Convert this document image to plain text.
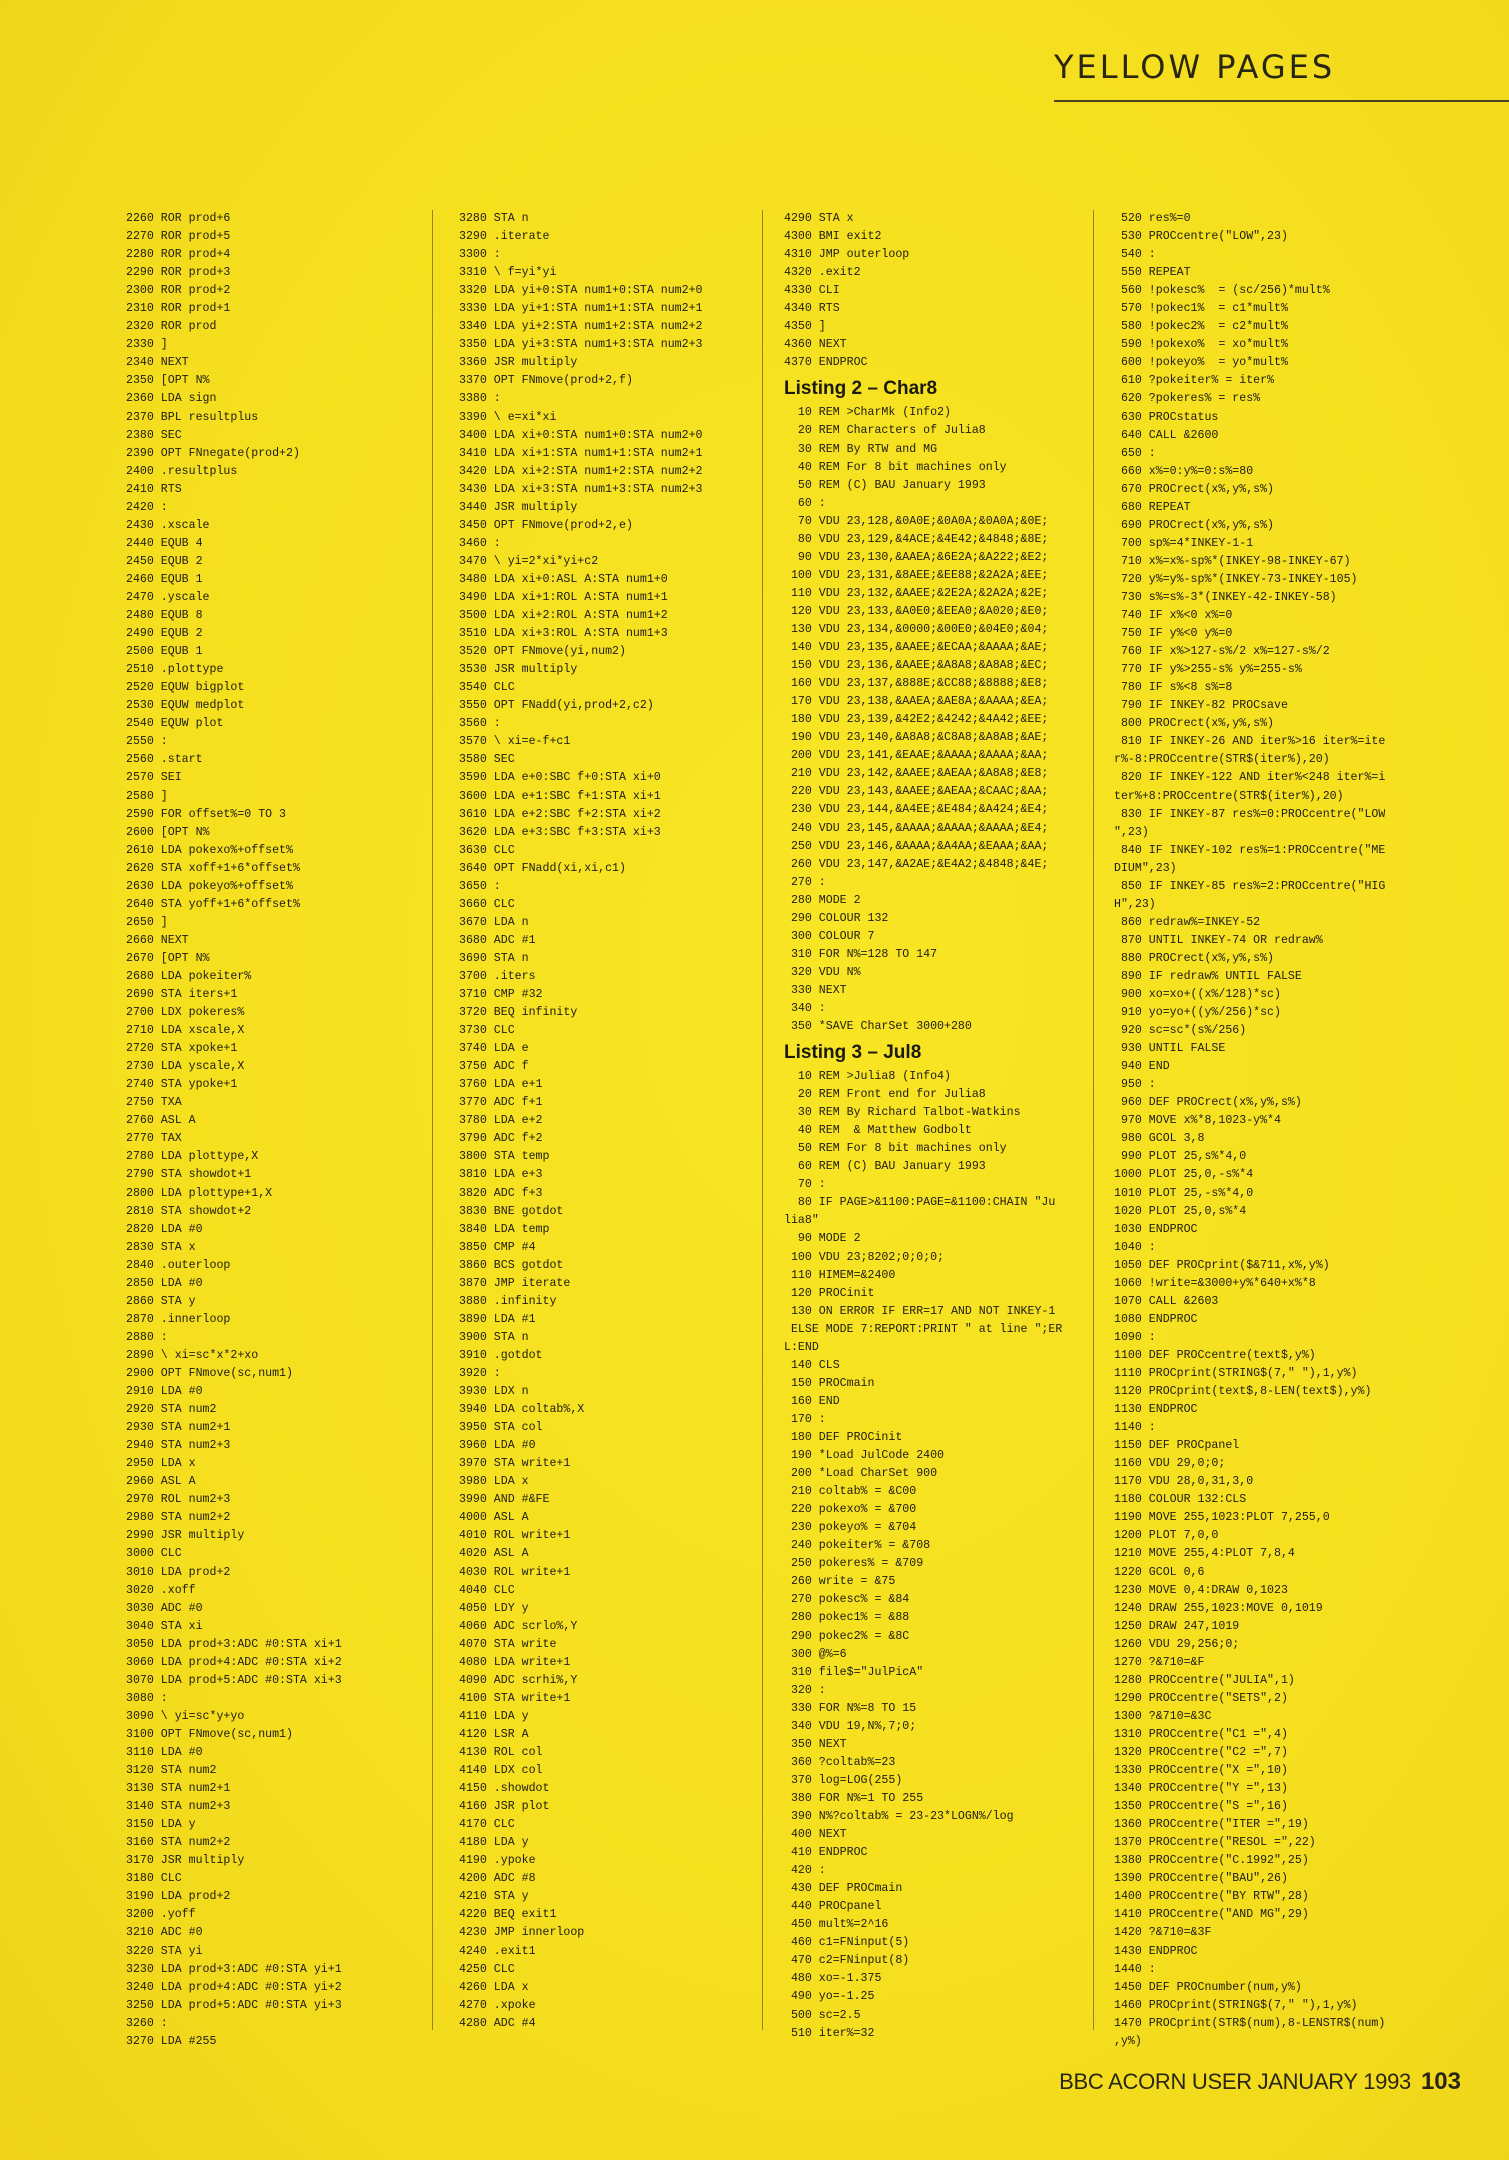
YELLOW PAGES
2260 ROR prod+6
2270 ROR prod+5
2280 ROR prod+4
2290 ROR prod+3
2300 ROR prod+2
2310 ROR prod+1
2320 ROR prod
2330 ]
2340 NEXT
2350 [OPT N%
2360 LDA sign
2370 BPL resultplus
2380 SEC
2390 OPT FNnegate(prod+2)
2400 .resultplus
2410 RTS
2420 :
2430 .xscale
2440 EQUB 4
2450 EQUB 2
2460 EQUB 1
2470 .yscale
2480 EQUB 8
2490 EQUB 2
2500 EQUB 1
2510 .plottype
2520 EQUW bigplot
2530 EQUW medplot
2540 EQUW plot
2550 :
2560 .start
2570 SEI
2580 ]
2590 FOR offset%=0 TO 3
2600 [OPT N%
2610 LDA pokexo%+offset%
2620 STA xoff+1+6*offset%
2630 LDA pokeyo%+offset%
2640 STA yoff+1+6*offset%
2650 ]
2660 NEXT
2670 [OPT N%
2680 LDA pokeiter%
2690 STA iters+1
2700 LDX pokeres%
2710 LDA xscale,X
2720 STA xpoke+1
2730 LDA yscale,X
2740 STA ypoke+1
2750 TXA
2760 ASL A
2770 TAX
2780 LDA plottype,X
2790 STA showdot+1
2800 LDA plottype+1,X
2810 STA showdot+2
2820 LDA #0
2830 STA x
2840 .outerloop
2850 LDA #0
2860 STA y
2870 .innerloop
2880 :
2890 \ xi=sc*x*2+xo
2900 OPT FNmove(sc,num1)
2910 LDA #0
2920 STA num2
2930 STA num2+1
2940 STA num2+3
2950 LDA x
2960 ASL A
2970 ROL num2+3
2980 STA num2+2
2990 JSR multiply
3000 CLC
3010 LDA prod+2
3020 .xoff
3030 ADC #0
3040 STA xi
3050 LDA prod+3:ADC #0:STA xi+1
3060 LDA prod+4:ADC #0:STA xi+2
3070 LDA prod+5:ADC #0:STA xi+3
3080 :
3090 \ yi=sc*y+yo
3100 OPT FNmove(sc,num1)
3110 LDA #0
3120 STA num2
3130 STA num2+1
3140 STA num2+3
3150 LDA y
3160 STA num2+2
3170 JSR multiply
3180 CLC
3190 LDA prod+2
3200 .yoff
3210 ADC #0
3220 STA yi
3230 LDA prod+3:ADC #0:STA yi+1
3240 LDA prod+4:ADC #0:STA yi+2
3250 LDA prod+5:ADC #0:STA yi+3
3260 :
3270 LDA #255
3280 STA n
3290 .iterate
3300 :
3310 \ f=yi*yi
3320 LDA yi+0:STA num1+0:STA num2+0
3330 LDA yi+1:STA num1+1:STA num2+1
3340 LDA yi+2:STA num1+2:STA num2+2
3350 LDA yi+3:STA num1+3:STA num2+3
3360 JSR multiply
3370 OPT FNmove(prod+2,f)
3380 :
3390 \ e=xi*xi
3400 LDA xi+0:STA num1+0:STA num2+0
3410 LDA xi+1:STA num1+1:STA num2+1
3420 LDA xi+2:STA num1+2:STA num2+2
3430 LDA xi+3:STA num1+3:STA num2+3
3440 JSR multiply
3450 OPT FNmove(prod+2,e)
3460 :
3470 \ yi=2*xi*yi+c2
3480 LDA xi+0:ASL A:STA num1+0
3490 LDA xi+1:ROL A:STA num1+1
3500 LDA xi+2:ROL A:STA num1+2
3510 LDA xi+3:ROL A:STA num1+3
3520 OPT FNmove(yi,num2)
3530 JSR multiply
3540 CLC
3550 OPT FNadd(yi,prod+2,c2)
3560 :
3570 \ xi=e-f+c1
3580 SEC
3590 LDA e+0:SBC f+0:STA xi+0
3600 LDA e+1:SBC f+1:STA xi+1
3610 LDA e+2:SBC f+2:STA xi+2
3620 LDA e+3:SBC f+3:STA xi+3
3630 CLC
3640 OPT FNadd(xi,xi,c1)
3650 :
3660 CLC
3670 LDA n
3680 ADC #1
3690 STA n
3700 .iters
3710 CMP #32
3720 BEQ infinity
3730 CLC
3740 LDA e
3750 ADC f
3760 LDA e+1
3770 ADC f+1
3780 LDA e+2
3790 ADC f+2
3800 STA temp
3810 LDA e+3
3820 ADC f+3
3830 BNE gotdot
3840 LDA temp
3850 CMP #4
3860 BCS gotdot
3870 JMP iterate
3880 .infinity
3890 LDA #1
3900 STA n
3910 .gotdot
3920 :
3930 LDX n
3940 LDA coltab%,X
3950 STA col
3960 LDA #0
3970 STA write+1
3980 LDA x
3990 AND #&FE
4000 ASL A
4010 ROL write+1
4020 ASL A
4030 ROL write+1
4040 CLC
4050 LDY y
4060 ADC scrlo%,Y
4070 STA write
4080 LDA write+1
4090 ADC scrhi%,Y
4100 STA write+1
4110 LDA y
4120 LSR A
4130 ROL col
4140 LDX col
4150 .showdot
4160 JSR plot
4170 CLC
4180 LDA y
4190 .ypoke
4200 ADC #8
4210 STA y
4220 BEQ exit1
4230 JMP innerloop
4240 .exit1
4250 CLC
4260 LDA x
4270 .xpoke
4280 ADC #4
4290 STA x
4300 BMI exit2
4310 JMP outerloop
4320 .exit2
4330 CLI
4340 RTS
4350 ]
4360 NEXT
4370 ENDPROC
Listing 2 – Char8
10 REM >CharMk (Info2)
20 REM Characters of Julia8
30 REM By RTW and MG
40 REM For 8 bit machines only
50 REM (C) BAU January 1993
60 :
70 VDU 23,128,&0A0E;&0A0A;&0A0A;&0E;
80 VDU 23,129,&4ACE;&4E42;&4848;&8E;
90 VDU 23,130,&AAEA;&6E2A;&A222;&E2;
100 VDU 23,131,&8AEE;&EE88;&2A2A;&EE;
110 VDU 23,132,&AAEE;&2E2A;&2A2A;&2E;
120 VDU 23,133,&A0E0;&EEA0;&A020;&E0;
130 VDU 23,134,&0000;&00E0;&04E0;&04;
140 VDU 23,135,&AAEE;&ECAA;&AAAA;&AE;
150 VDU 23,136,&AAEE;&A8A8;&A8A8;&EC;
160 VDU 23,137,&888E;&CC88;&8888;&E8;
170 VDU 23,138,&AAEA;&AE8A;&AAAA;&EA;
180 VDU 23,139,&42E2;&4242;&4A42;&EE;
190 VDU 23,140,&A8A8;&C8A8;&A8A8;&AE;
200 VDU 23,141,&EAAE;&AAAA;&AAAA;&AA;
210 VDU 23,142,&AAEE;&AEAA;&A8A8;&E8;
220 VDU 23,143,&AAEE;&AEAA;&CAAC;&AA;
230 VDU 23,144,&A4EE;&E484;&A424;&E4;
240 VDU 23,145,&AAAA;&AAAA;&AAAA;&E4;
250 VDU 23,146,&AAAA;&A4AA;&EAAA;&AA;
260 VDU 23,147,&A2AE;&E4A2;&4848;&4E;
270 :
280 MODE 2
290 COLOUR 132
300 COLOUR 7
310 FOR N%=128 TO 147
320 VDU N%
330 NEXT
340 :
350 *SAVE CharSet 3000+280
Listing 3 – Jul8
10 REM >Julia8 (Info4)
20 REM Front end for Julia8
30 REM By Richard Talbot-Watkins
40 REM  & Matthew Godbolt
50 REM For 8 bit machines only
60 REM (C) BAU January 1993
70 :
80 IF PAGE>&1100:PAGE=&1100:CHAIN "Ju
lia8"
90 MODE 2
100 VDU 23;8202;0;0;0;
110 HIMEM=&2400
120 PROCinit
130 ON ERROR IF ERR=17 AND NOT INKEY-1
ELSE MODE 7:REPORT:PRINT " at line ";ER
L:END
140 CLS
150 PROCmain
160 END
170 :
180 DEF PROCinit
190 *Load JulCode 2400
200 *Load CharSet 900
210 coltab% = &C00
220 pokexo% = &700
230 pokeyo% = &704
240 pokeiter% = &708
250 pokeres% = &709
260 write = &75
270 pokesc% = &84
280 pokec1% = &88
290 pokec2% = &8C
300 @%=6
310 file$="JulPicA"
320 :
330 FOR N%=8 TO 15
340 VDU 19,N%,7;0;
350 NEXT
360 ?coltab%=23
370 log=LOG(255)
380 FOR N%=1 TO 255
390 N%?coltab% = 23-23*LOGN%/log
400 NEXT
410 ENDPROC
420 :
430 DEF PROCmain
440 PROCpanel
450 mult%=2^16
460 c1=FNinput(5)
470 c2=FNinput(8)
480 xo=-1.375
490 yo=-1.25
500 sc=2.5
510 iter%=32
520 res%=0
530 PROCcentre("LOW",23)
540 :
550 REPEAT
560 !pokesc%  = (sc/256)*mult%
570 !pokec1%  = c1*mult%
580 !pokec2%  = c2*mult%
590 !pokexo%  = xo*mult%
600 !pokeyo%  = yo*mult%
610 ?pokeiter% = iter%
620 ?pokeres% = res%
630 PROCstatus
640 CALL &2600
650 :
660 x%=0:y%=0:s%=80
670 PROCrect(x%,y%,s%)
680 REPEAT
690 PROCrect(x%,y%,s%)
700 sp%=4*INKEY-1-1
710 x%=x%-sp%*(INKEY-98-INKEY-67)
720 y%=y%-sp%*(INKEY-73-INKEY-105)
730 s%=s%-3*(INKEY-42-INKEY-58)
740 IF x%<0 x%=0
750 IF y%<0 y%=0
760 IF x%>127-s%/2 x%=127-s%/2
770 IF y%>255-s% y%=255-s%
780 IF s%<8 s%=8
790 IF INKEY-82 PROCsave
800 PROCrect(x%,y%,s%)
810 IF INKEY-26 AND iter%>16 iter%=ite
r%-8:PROCcentre(STR$(iter%),20)
820 IF INKEY-122 AND iter%<248 iter%=i
ter%+8:PROCcentre(STR$(iter%),20)
830 IF INKEY-87 res%=0:PROCcentre("LOW
",23)
840 IF INKEY-102 res%=1:PROCcentre("ME
DIUM",23)
850 IF INKEY-85 res%=2:PROCcentre("HIG
H",23)
860 redraw%=INKEY-52
870 UNTIL INKEY-74 OR redraw%
880 PROCrect(x%,y%,s%)
890 IF redraw% UNTIL FALSE
900 xo=xo+((x%/128)*sc)
910 yo=yo+((y%/256)*sc)
920 sc=sc*(s%/256)
930 UNTIL FALSE
940 END
950 :
960 DEF PROCrect(x%,y%,s%)
970 MOVE x%*8,1023-y%*4
980 GCOL 3,8
990 PLOT 25,s%*4,0
1000 PLOT 25,0,-s%*4
1010 PLOT 25,-s%*4,0
1020 PLOT 25,0,s%*4
1030 ENDPROC
1040 :
1050 DEF PROCprint($&711,x%,y%)
1060 !write=&3000+y%*640+x%*8
1070 CALL &2603
1080 ENDPROC
1090 :
1100 DEF PROCcentre(text$,y%)
1110 PROCprint(STRING$(7," "),1,y%)
1120 PROCprint(text$,8-LEN(text$),y%)
1130 ENDPROC
1140 :
1150 DEF PROCpanel
1160 VDU 29,0;0;
1170 VDU 28,0,31,3,0
1180 COLOUR 132:CLS
1190 MOVE 255,1023:PLOT 7,255,0
1200 PLOT 7,0,0
1210 MOVE 255,4:PLOT 7,8,4
1220 GCOL 0,6
1230 MOVE 0,4:DRAW 0,1023
1240 DRAW 255,1023:MOVE 0,1019
1250 DRAW 247,1019
1260 VDU 29,256;0;
1270 ?&710=&F
1280 PROCcentre("JULIA",1)
1290 PROCcentre("SETS",2)
1300 ?&710=&3C
1310 PROCcentre("C1 =",4)
1320 PROCcentre("C2 =",7)
1330 PROCcentre("X =",10)
1340 PROCcentre("Y =",13)
1350 PROCcentre("S =",16)
1360 PROCcentre("ITER =",19)
1370 PROCcentre("RESOL =",22)
1380 PROCcentre("C.1992",25)
1390 PROCcentre("BAU",26)
1400 PROCcentre("BY RTW",28)
1410 PROCcentre("AND MG",29)
1420 ?&710=&3F
1430 ENDPROC
1440 :
1450 DEF PROCnumber(num,y%)
1460 PROCprint(STRING$(7," "),1,y%)
1470 PROCprint(STR$(num),8-LENSTR$(num)
,y%)
BBC ACORN USER JANUARY 1993 103
